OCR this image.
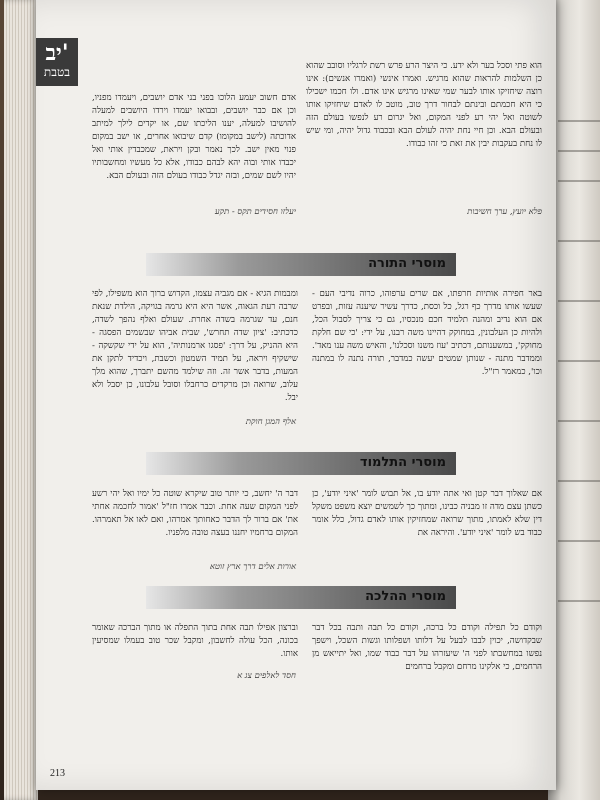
יב'
בטבת	הוא פתי וסכל בער ולא ידע. כי היצר הרע פרש רשת לרגליו וסובב שהוא כן השלמות להראות שהוא מרגיש. ואמרו אינשי (ואמרו אנשים): אינו רוצה שיחזיקו אותו לבער שמי שאינו מרגיש אינו אדם. ולו חכמו ישכילו כי היא חכמתם ובינתם לבחור דרך טוב, מוטב לו לאדם שיחזיקו אותו לשוטה ואל יהי רע לפני המקום, ואל יגרום רע לנפשו בעולם הזה ובעולם הבא. וכן חיי נחת יהיה לעולם הבא ובכבוד גדול יהיה, ומי שיש לו נחת בעקבות יבין את זאת כי זהו כבודו.

פלא יועץ, ערך חשיבות

אדם חשוב יעמע הלוכו בפני בני אדם יושבים, ויעמדו מפניו, וכן אם כבר יושבים, ובבואו יעמדו וירדו היושבים למעלה להושיבו למעלה, יענו הליכתו שם, או יקדים לילך למיתב אדוכתה (לישב במקומו) קדם שיבואו אחרים, או ישב במקום פנוי מאין ישב. לכך נאמר ובקן ויראת, שמכבדין אותי ואל יכבדו אותי ובוה יהא לבהם כבודו, אלא כל מעשיו ומחשבותיו יהיו לשם שמים, ובזה יגדל כבודו בעולם הזה ובעולם הבא.

יעלזו חסידים תקס - תקע
מוסרי התורה

באר חפירה אותיות חרפתו, אם שרים ערפוהו, כרוה נדיבי העם - שעשו אותו מדרך כף רגל, כל וכסת, כדרך עשיר שיענה עזות, ובפרט אם הוא נדיב ומהנה תלמיד חכם מנכסיו, גם כי צריך לסבול הכל, ולהיות כן העלבונין, במחוקק דהיינו משה רבנו, על ידי: 'כי שם חלקת מחוקק', במשענותם, דכתיב 'עוז משנו וסכלנו', והאיש משה ענו מאד'. וממדבר מתנה - שנותן שמטים יעשה כמדבר, תורה נתנה לו במתנה וכו', כמאמר רז"ל.

ומבמות הגיא - אם מגביה עצמו, הקדוש ברוך הוא משפילו, לפי שרבה רעת הגאוה, אשר היא היא גרמה בגויקה, הילדת שנאת חנם, עד שגרמה בשדה אחרת. שעולם ואלף נהפך לשדה, כדכתיב: 'ציון שדה תחרש', שבית אביהו שבשמים הפסגה - היא ההניק, על דרך: 'פסגו ארמנותיה', הוא על ידי שקשקה - שישקיף ויראה, על תמיד השמטון וכשבת, ויכדיד לתקן את המעות, בדבר אשר זה. וזה שילמד מהשם יתברך, שהוא מלך עלוב, שרואה וכן מרקדים כרחבלו וסובל עלבונו, כן יסבל ולא יבל.

אלף המגן חוקת
מוסרי התלמוד

אם שאלוך דבר קטן ואי אתה יודע בו, אל תבוש לומר 'איני יודע', כן כשתן עצם מדה זו מבניה כבינו, ומתוך כך לשמשים יוצא משפט משקל דין שלא לאמתו, מתוך שרואה שמחזיקין אותו לאדם גדול, כלל אומר כבוד בש לומר 'איני יודע'. והיראה את

דבר ה' יחשב, כי יותר טוב שיקרא שוטה כל ימיו ואל יהי רשע לפני המקום שעה אחת. וכבר אמרו חז"ל 'אמור לחכמה אחתי את' אם ברור לך הדבר כאחותך אמרהו, ואם לאו אל תאמרהו. המקום ברחמיו יחננו בעצה טובה מלפניו.

אורות אלים דרך ארץ זוטא
מוסרי ההלכה

וקודם כל תפילה וקודם כל ברכה, וקודם כל תבה ותבה בכל דבר שבקדושה, יכוין לבבו לבעל על דלותו ושפלותו וגשות השכל, וישפך נפשו במחשבתו לפני ה' שיעזרהו על דבר כבוד שמו, ואל יתייאש מן הרחמים, כי אלקינו מרחם ומקבל ברחמים

וברצון אפילו תבה אחת בתוך התפלה או מתוך הברכה שאומר בכונה, הכל עולה לחשבון, ומקבל שכר טוב בעמלו שמסיעין אותו.

חסד לאלפים צג א
213
